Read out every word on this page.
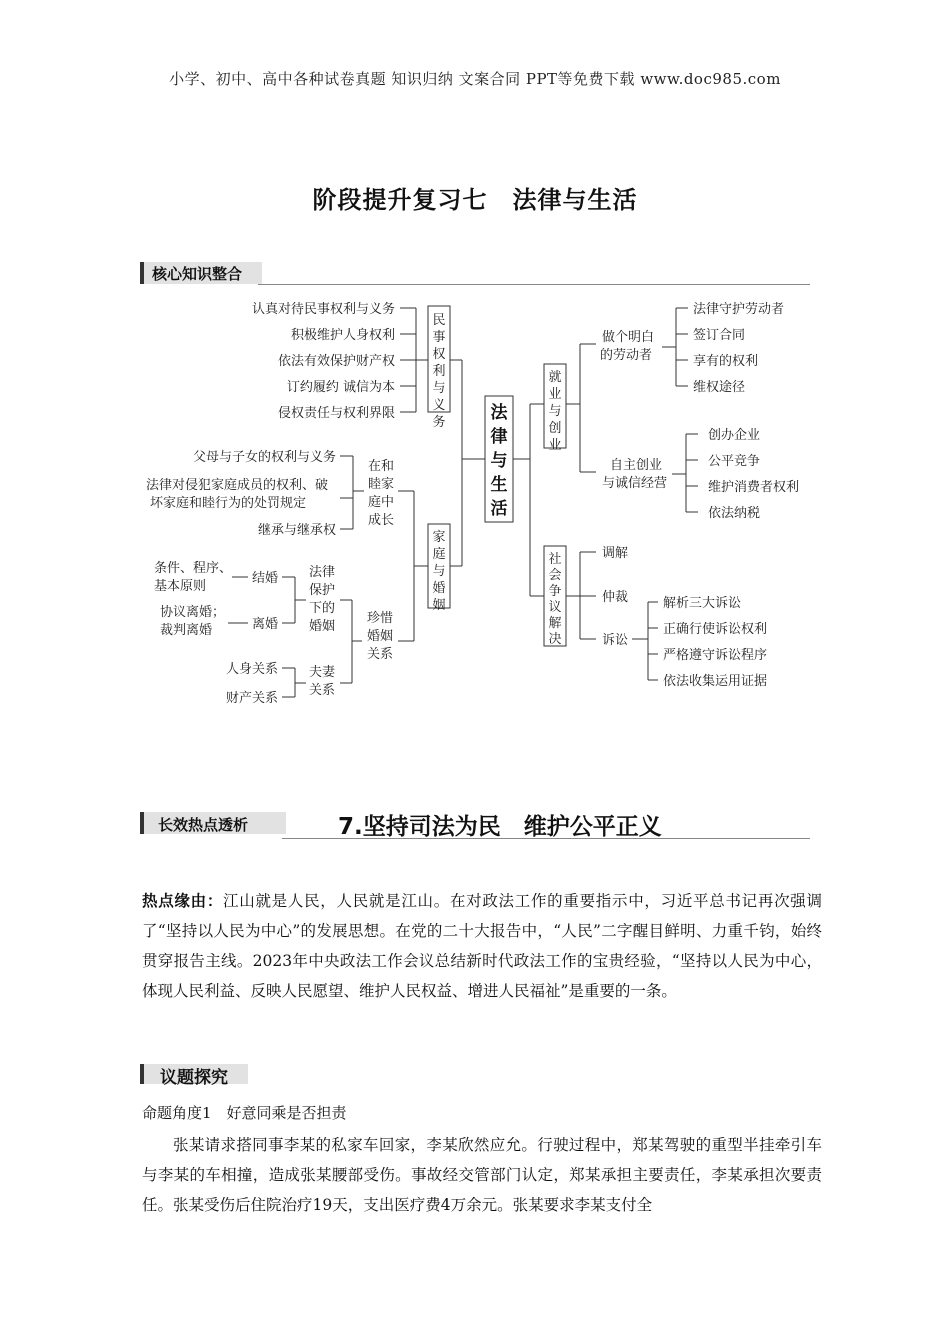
小学、初中、高中各种试卷真题 知识归纳 文案合同 PPT等免费下载 www.doc985.com
阶段提升复习七　法律与生活
核心知识整合
认真对待民事权利与义务
积极维护人身权利
依法有效保护财产权
订约履约 诚信为本
侵权责任与权利界限
民事权利与义务
父母与子女的权利与义务
法律对侵犯家庭成员的权利、破
坏家庭和睦行为的处罚规定
继承与继承权
在和
睦家
庭中
成长
条件、程序、
基本原则
结婚
协议离婚；
裁判离婚	离婚
法律
保护
下的
婚姻
人身关系
财产关系
夫妻
关系
珍惜
婚姻
关系
家庭与婚姻
法律与生活
就业与创业
做个明白
的劳动者
法律守护劳动者
签订合同
享有的权利
维权途径
自主创业
与诚信经营
创办企业
公平竞争
维护消费者权利
依法纳税
社会争议解决
调解
仲裁
诉讼
解析三大诉讼
正确行使诉讼权利
严格遵守诉讼程序
依法收集运用证据
长效热点透析	7.坚持司法为民　维护公平正义
热点缘由：江山就是人民，人民就是江山。在对政法工作的重要指示中，习近平总书记再次强调了“坚持以人民为中心”的发展思想。在党的二十大报告中，“人民”二字醒目鲜明、力重千钧，始终贯穿报告主线。2023年中央政法工作会议总结新时代政法工作的宝贵经验，“坚持以人民为中心，体现人民利益、反映人民愿望、维护人民权益、增进人民福祉”是重要的一条。
议题探究
命题角度1　好意同乘是否担责
张某请求搭同事李某的私家车回家，李某欣然应允。行驶过程中，郑某驾驶的重型半挂牵引车与李某的车相撞，造成张某腰部受伤。事故经交管部门认定，郑某承担主要责任，李某承担次要责任。张某受伤后住院治疗19天，支出医疗费4万余元。张某要求李某支付全
